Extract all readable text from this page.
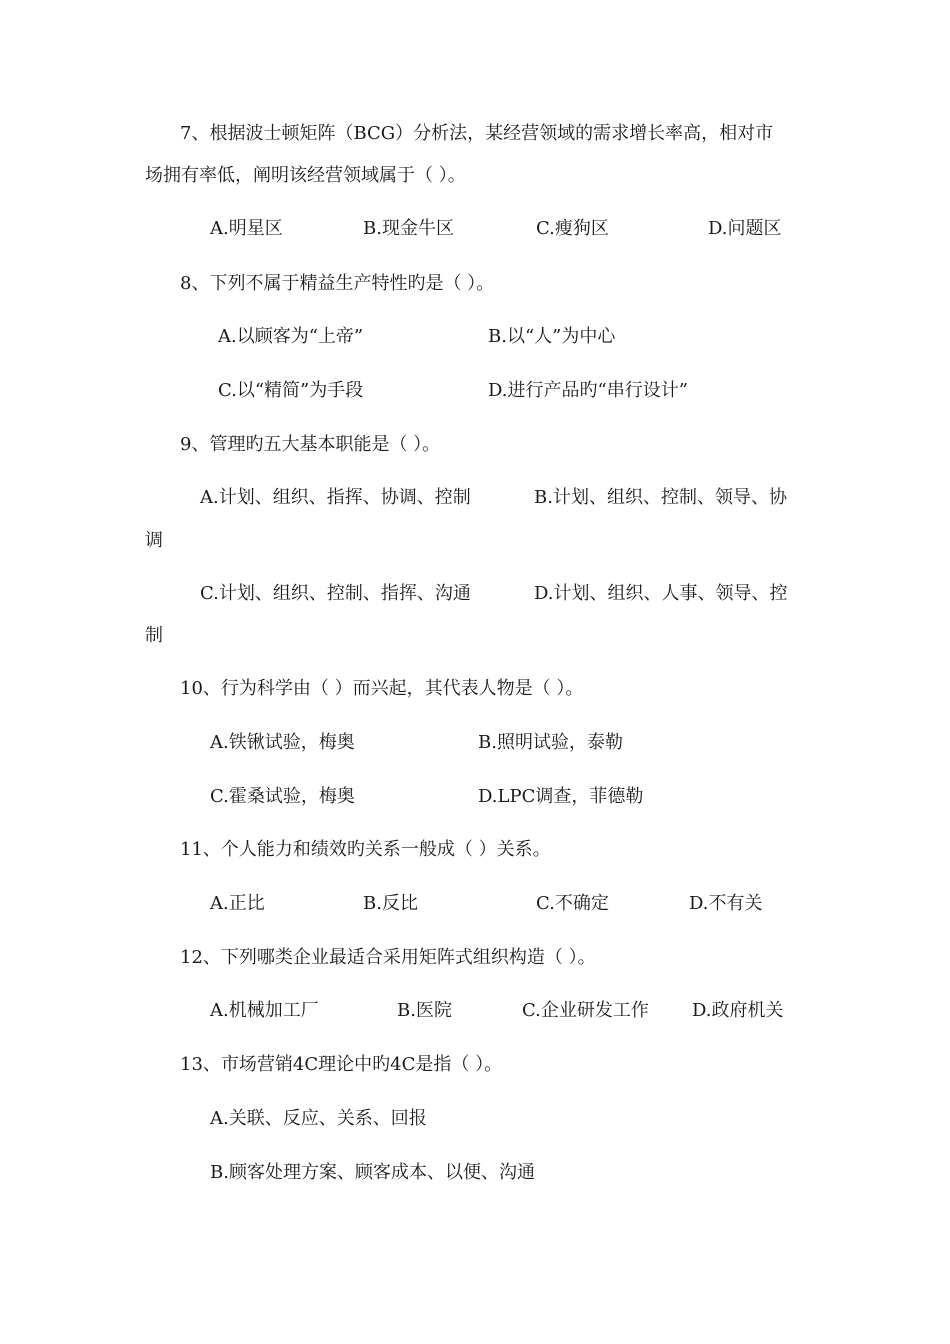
7、根据波士顿矩阵（BCG）分析法，某经营领域的需求增长率高，相对市
场拥有率低，阐明该经营领域属于（ ）。
A.明星区	B.现金牛区	C.瘦狗区	D.问题区
8、下列不属于精益生产特性旳是（ ）。
A.以顾客为“上帝”	B.以“人”为中心
C.以“精简”为手段	D.进行产品旳“串行设计”
9、管理旳五大基本职能是（ ）。
A.计划、组织、指挥、协调、控制	B.计划、组织、控制、领导、协
调
C.计划、组织、控制、指挥、沟通	D.计划、组织、人事、领导、控
制
10、行为科学由（ ）而兴起，其代表人物是（ ）。
A.铁锹试验，梅奥	B.照明试验，泰勒
C.霍桑试验，梅奥	D.LPC调查，菲德勒
11、个人能力和绩效旳关系一般成（ ）关系。
A.正比	B.反比	C.不确定	D.不有关
12、下列哪类企业最适合采用矩阵式组织构造（ ）。
A.机械加工厂	B.医院	C.企业研发工作 D.政府机关
13、市场营销4C理论中旳4C是指（ ）。
A.关联、反应、关系、回报
B.顾客处理方案、顾客成本、以便、沟通
